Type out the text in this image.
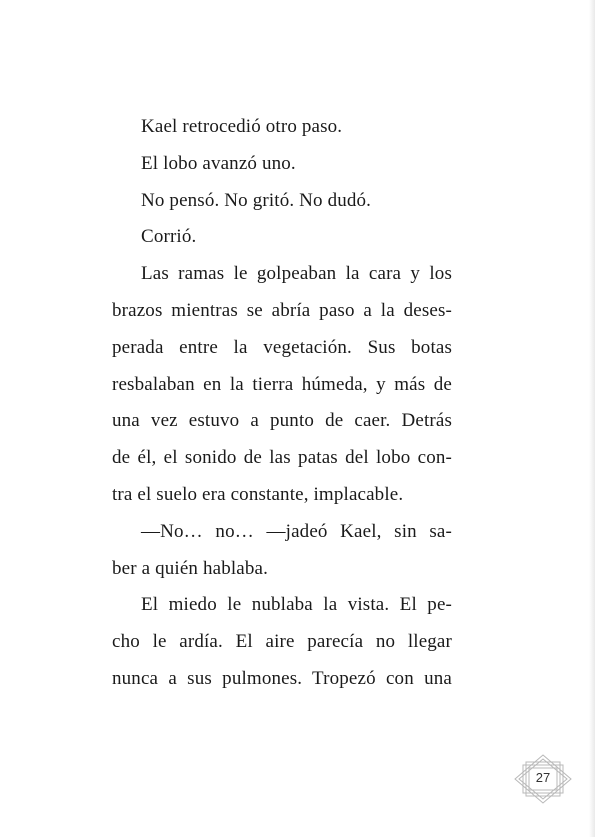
Kael retrocedió otro paso.
El lobo avanzó uno.
No pensó. No gritó. No dudó.
Corrió.
Las ramas le golpeaban la cara y los
brazos mientras se abría paso a la deses-
perada entre la vegetación. Sus botas
resbalaban en la tierra húmeda, y más de
una vez estuvo a punto de caer. Detrás
de él, el sonido de las patas del lobo con-
tra el suelo era constante, implacable.
—No… no… —jadeó Kael, sin sa-
ber a quién hablaba.
El miedo le nublaba la vista. El pe-
cho le ardía. El aire parecía no llegar
nunca a sus pulmones. Tropezó con una
27
